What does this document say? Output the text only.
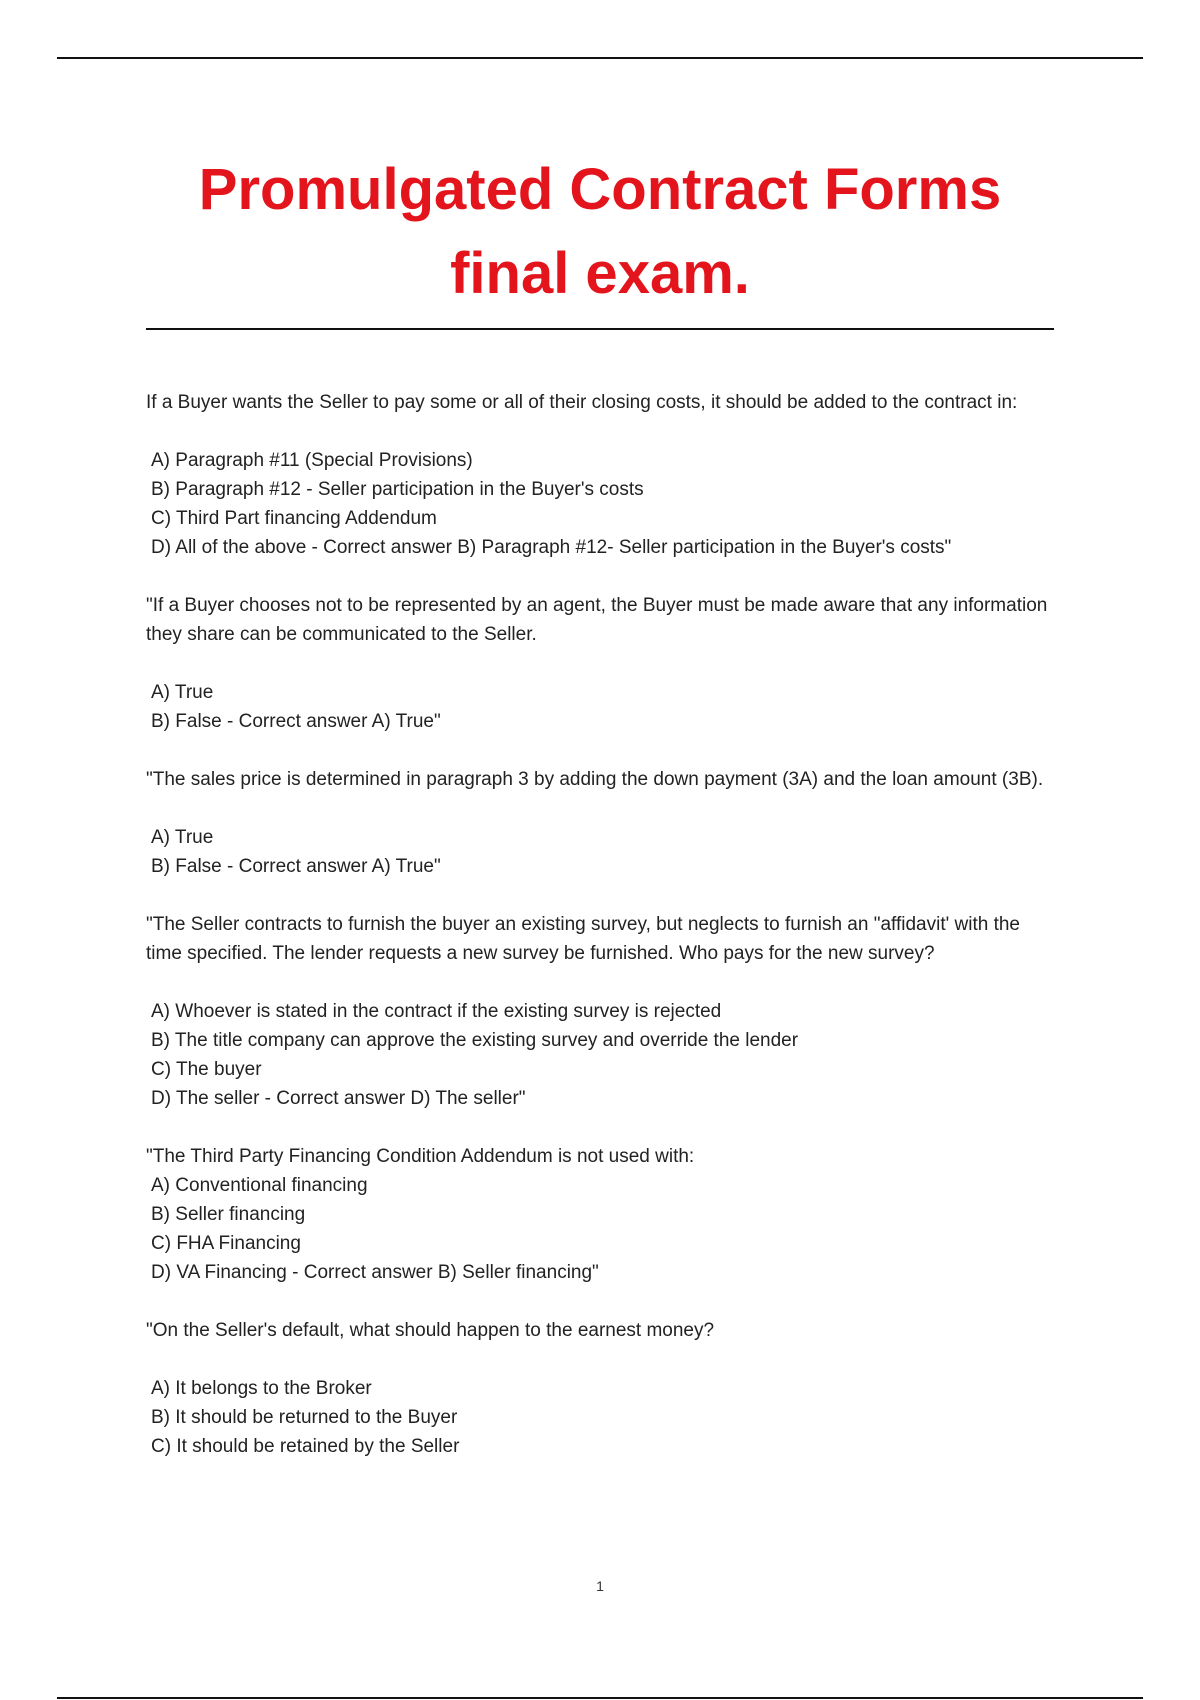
Promulgated Contract Forms final exam.

If a Buyer wants the Seller to pay some or all of their closing costs, it should be added to the contract in:

A) Paragraph #11 (Special Provisions)
B) Paragraph #12 - Seller participation in the Buyer's costs
C) Third Part financing Addendum
D) All of the above - Correct answer B) Paragraph #12- Seller participation in the Buyer's costs"

"If a Buyer chooses not to be represented by an agent, the Buyer must be made aware that any information they share can be communicated to the Seller.

A) True
B) False - Correct answer A) True"

"The sales price is determined in paragraph 3 by adding the down payment (3A) and the loan amount (3B).

A) True
B) False - Correct answer A) True"

"The Seller contracts to furnish the buyer an existing survey, but neglects to furnish an "affidavit' with the time specified. The lender requests a new survey be furnished. Who pays for the new survey?

A) Whoever is stated in the contract if the existing survey is rejected
B) The title company can approve the existing survey and override the lender
C) The buyer
D) The seller - Correct answer D) The seller"

"The Third Party Financing Condition Addendum is not used with:

A) Conventional financing
B) Seller financing
C) FHA Financing
D) VA Financing - Correct answer B) Seller financing"

"On the Seller's default, what should happen to the earnest money?

A) It belongs to the Broker
B) It should be returned to the Buyer
C) It should be retained by the Seller
1
